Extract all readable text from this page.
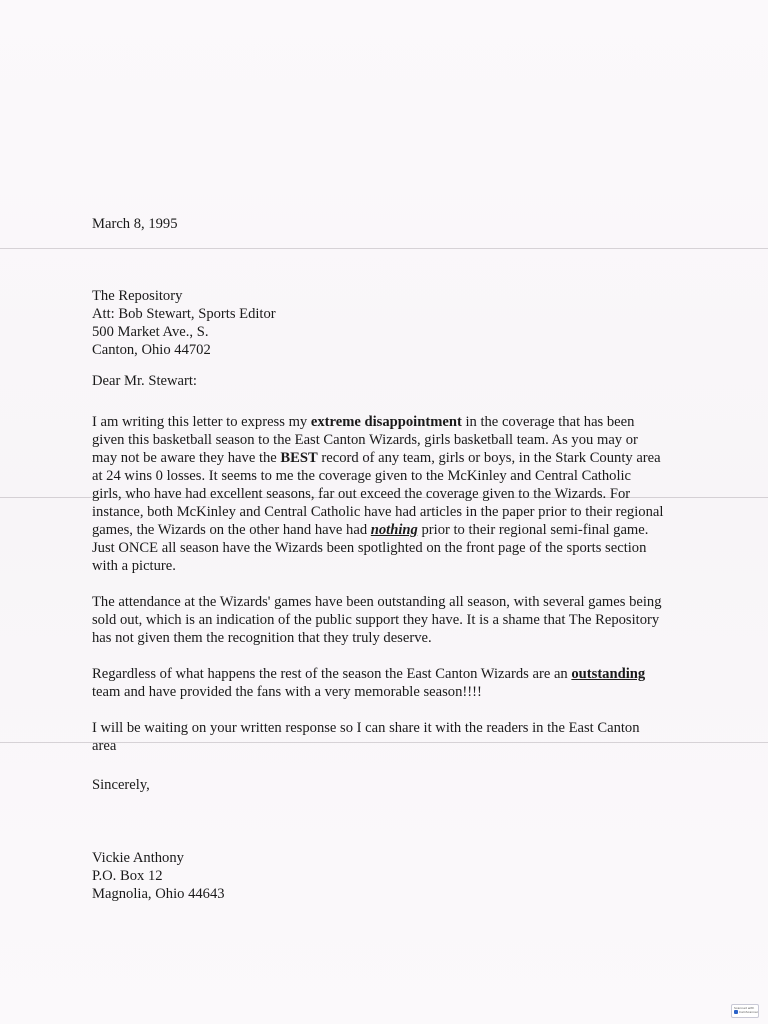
March 8, 1995
The Repository
Att: Bob Stewart, Sports Editor
500 Market Ave., S.
Canton, Ohio 44702
Dear Mr. Stewart:
I am writing this letter to express my extreme disappointment in the coverage that has been
given this basketball season to the East Canton Wizards, girls basketball team. As you may or
may not be aware they have the BEST record of any team, girls or boys, in the Stark County area
at 24 wins 0 losses. It seems to me the coverage given to the McKinley and Central Catholic
girls, who have had excellent seasons, far out exceed the coverage given to the Wizards. For
instance, both McKinley and Central Catholic have had articles in the paper prior to their regional
games, the Wizards on the other hand have had nothing prior to their regional semi-final game.
Just ONCE all season have the Wizards been spotlighted on the front page of the sports section
with a picture.
The attendance at the Wizards' games have been outstanding all season, with several games being
sold out, which is an indication of the public support they have. It is a shame that The Repository
has not given them the recognition that they truly deserve.
Regardless of what happens the rest of the season the East Canton Wizards are an outstanding
team and have provided the fans with a very memorable season!!!!
I will be waiting on your written response so I can share it with the readers in the East Canton
area
Sincerely,
Vickie Anthony
P.O. Box 12
Magnolia, Ohio 44643
Scanned with
CamScanner
